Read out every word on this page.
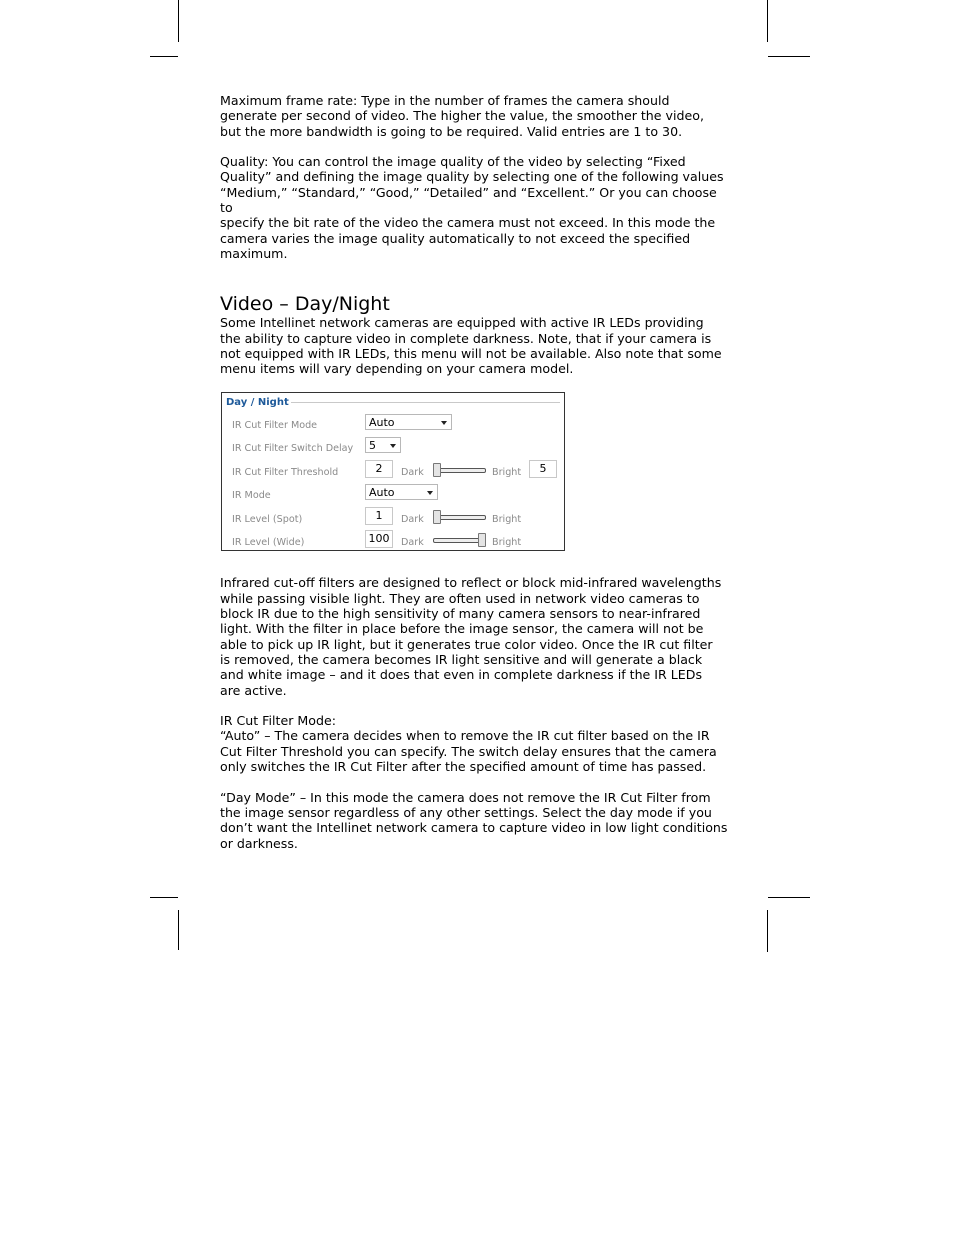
Maximum frame rate: Type in the number of frames the camera should
generate per second of video. The higher the value, the smoother the video,
but the more bandwidth is going to be required. Valid entries are 1 to 30.

Quality: You can control the image quality of the video by selecting “Fixed
Quality” and defining the image quality by selecting one of the following values
“Medium,” “Standard,” “Good,” “Detailed” and “Excellent.” Or you can choose to
specify the bit rate of the video the camera must not exceed. In this mode the
camera varies the image quality automatically to not exceed the specified
maximum.

Video – Day/Night

Some Intellinet network cameras are equipped with active IR LEDs providing
the ability to capture video in complete darkness. Note, that if your camera is
not equipped with IR LEDs, this menu will not be available. Also note that some
menu items will vary depending on your camera model.

Day / Night
IR Cut Filter Mode	Auto
IR Cut Filter Switch Delay	5
IR Cut Filter Threshold	2	Dark	Bright	5
IR Mode	Auto
IR Level (Spot)	1	Dark	Bright
IR Level (Wide)	100	Dark	Bright

Infrared cut-off filters are designed to reflect or block mid-infrared wavelengths
while passing visible light. They are often used in network video cameras to
block IR due to the high sensitivity of many camera sensors to near-infrared
light. With the filter in place before the image sensor, the camera will not be
able to pick up IR light, but it generates true color video. Once the IR cut filter
is removed, the camera becomes IR light sensitive and will generate a black
and white image – and it does that even in complete darkness if the IR LEDs
are active.

IR Cut Filter Mode:

“Auto” – The camera decides when to remove the IR cut filter based on the IR
Cut Filter Threshold you can specify. The switch delay ensures that the camera
only switches the IR Cut Filter after the specified amount of time has passed.

“Day Mode” – In this mode the camera does not remove the IR Cut Filter from
the image sensor regardless of any other settings. Select the day mode if you
don’t want the Intellinet network camera to capture video in low light conditions
or darkness.
